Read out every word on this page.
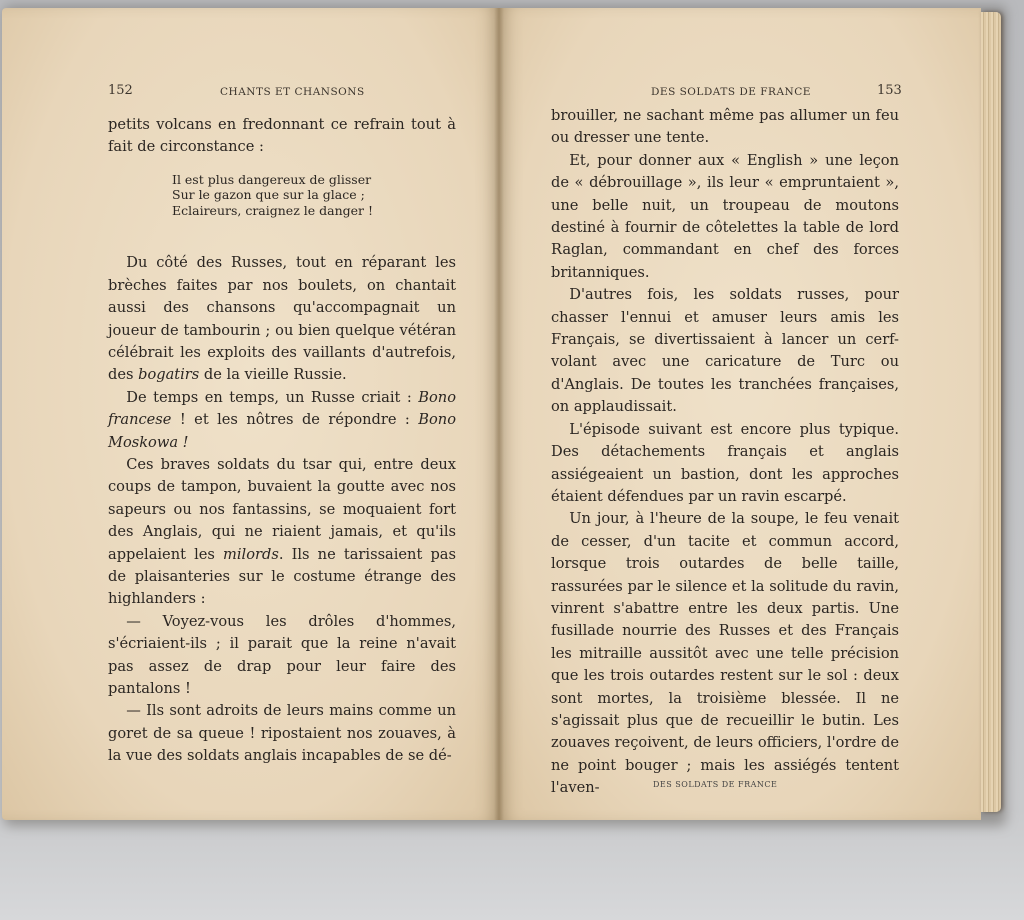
152	CHANTS ET CHANSONS

petits volcans en fredonnant ce refrain tout à fait de circonstance :

Il est plus dangereux de glisser
Sur le gazon que sur la glace ;
Eclaireurs, craignez le danger !

Du côté des Russes, tout en réparant les brèches faites par nos boulets, on chantait aussi des chansons qu'accompagnait un joueur de tambourin ; ou bien quelque vétéran célébrait les exploits des vaillants d'autrefois, des bogatirs de la vieille Russie.

De temps en temps, un Russe criait : Bono francese ! et les nôtres de répondre : Bono Moskowa !

Ces braves soldats du tsar qui, entre deux coups de tampon, buvaient la goutte avec nos sapeurs ou nos fantassins, se moquaient fort des Anglais, qui ne riaient jamais, et qu'ils appelaient les milords. Ils ne tarissaient pas de plaisanteries sur le costume étrange des highlanders :

— Voyez-vous les drôles d'hommes, s'écriaient-ils ; il parait que la reine n'avait pas assez de drap pour leur faire des pantalons !

— Ils sont adroits de leurs mains comme un goret de sa queue ! ripostaient nos zouaves, à la vue des soldats anglais incapables de se dé-

DES SOLDATS DE FRANCE	153

brouiller, ne sachant même pas allumer un feu ou dresser une tente.

Et, pour donner aux « English » une leçon de « débrouillage », ils leur « empruntaient », une belle nuit, un troupeau de moutons destiné à fournir de côtelettes la table de lord Raglan, commandant en chef des forces britanniques.

D'autres fois, les soldats russes, pour chasser l'ennui et amuser leurs amis les Français, se divertissaient à lancer un cerf-volant avec une caricature de Turc ou d'Anglais. De toutes les tranchées françaises, on applaudissait.

L'épisode suivant est encore plus typique. Des détachements français et anglais assiégeaient un bastion, dont les approches étaient défendues par un ravin escarpé.

Un jour, à l'heure de la soupe, le feu venait de cesser, d'un tacite et commun accord, lorsque trois outardes de belle taille, rassurées par le silence et la solitude du ravin, vinrent s'abattre entre les deux partis. Une fusillade nourrie des Russes et des Français les mitraille aussitôt avec une telle précision que les trois outardes restent sur le sol : deux sont mortes, la troisième blessée. Il ne s'agissait plus que de recueillir le butin. Les zouaves reçoivent, de leurs officiers, l'ordre de ne point bouger ; mais les assiégés tentent l'aven-	DES SOLDATS DE FRANCE
